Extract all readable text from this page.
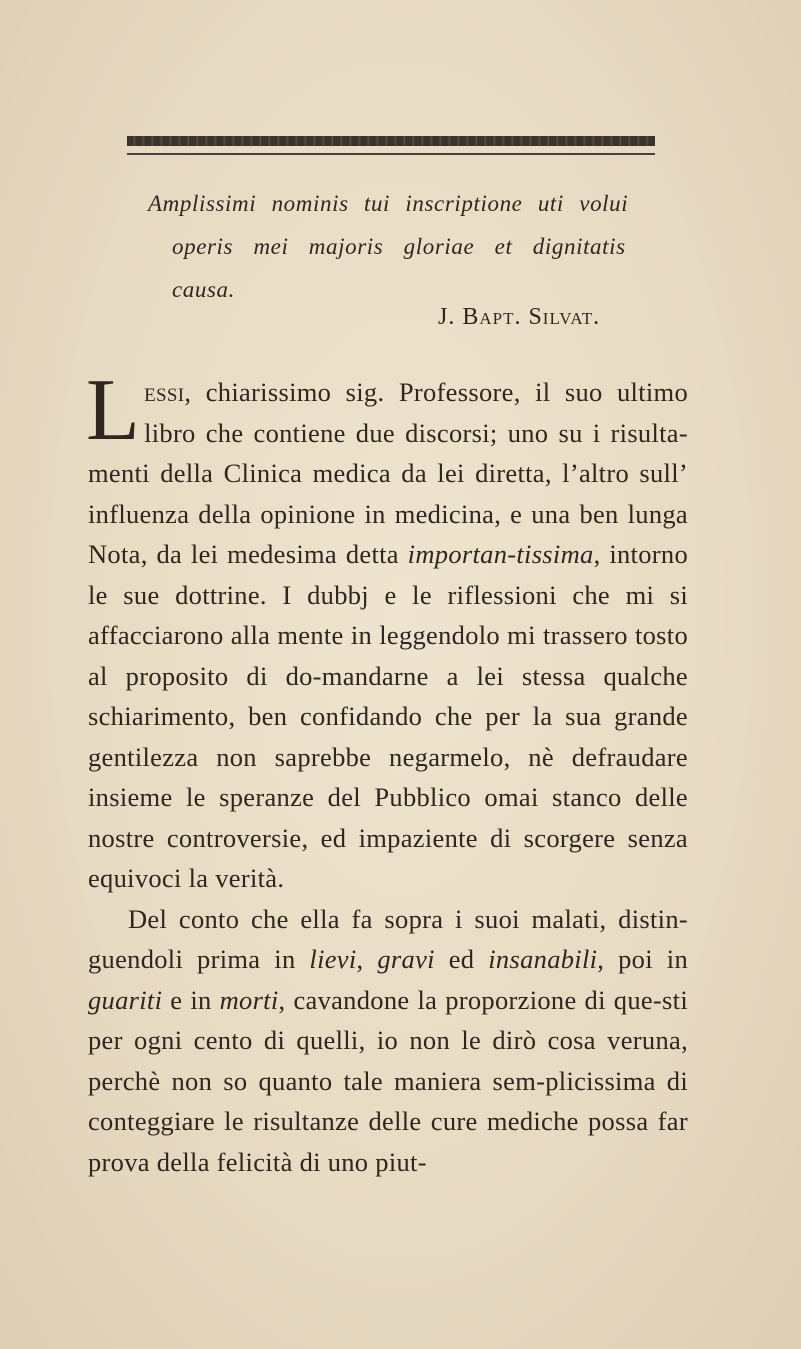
Amplissimi nominis tui inscriptione uti volui
operis mei majoris gloriae et dignitatis
causa.
J. Bapt. Silvat.

Lessi, chiarissimo sig. Professore, il suo ultimo libro che contiene due discorsi; uno su i risulta-menti della Clinica medica da lei diretta, l’altro sull’ influenza della opinione in medicina, e una ben lunga Nota, da lei medesima detta importan-tissima, intorno le sue dottrine. I dubbj e le riflessioni che mi si affacciarono alla mente in leggendolo mi trassero tosto al proposito di do-mandarne a lei stessa qualche schiarimento, ben confidando che per la sua grande gentilezza non saprebbe negarmelo, nè defraudare insieme le speranze del Pubblico omai stanco delle nostre controversie, ed impaziente di scorgere senza equivoci la verità.

Del conto che ella fa sopra i suoi malati, distin-guendoli prima in lievi, gravi ed insanabili, poi in guariti e in morti, cavandone la proporzione di que-sti per ogni cento di quelli, io non le dirò cosa veruna, perchè non so quanto tale maniera sem-plicissima di conteggiare le risultanze delle cure mediche possa far prova della felicità di uno piut-
